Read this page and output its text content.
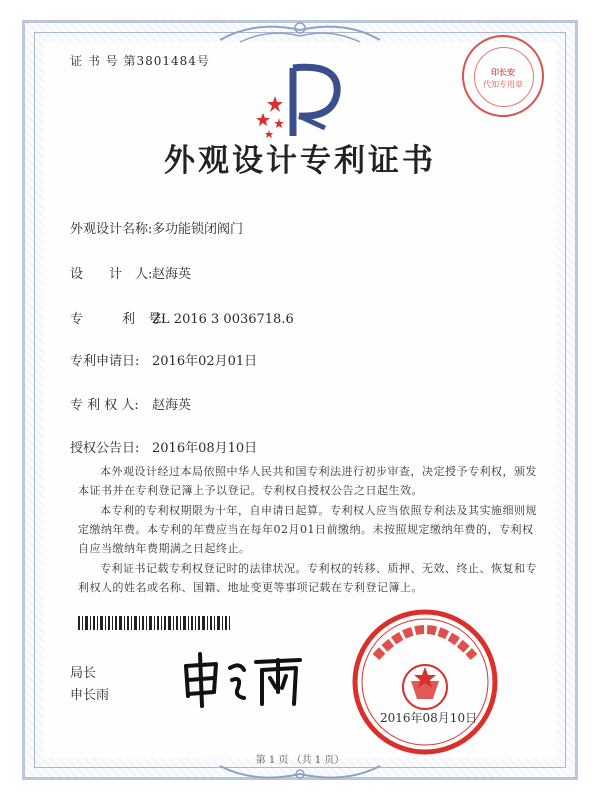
证 书 号 第3801484号
印长安
代知专用章
外观设计专利证书
外观设计名称:多功能锁闭阀门
设　　计　人:赵海英
专　　　利　号:ZL 2016 3 0036718.6
专利申请日: 2016年02月01日
专 利 权 人: 赵海英
授权公告日: 2016年08月10日
本外观设计经过本局依照中华人民共和国专利法进行初步审查，决定授予专利权，颁发本证书并在专利登记簿上予以登记。专利权自授权公告之日起生效。
本专利的专利权期限为十年，自申请日起算。专利权人应当依照专利法及其实施细则规定缴纳年费。本专利的年费应当在每年02月01日前缴纳。未按照规定缴纳年费的，专利权自应当缴纳年费期满之日起终止。
专利证书记载专利权登记时的法律状况。专利权的转移、质押、无效、终止、恢复和专利权人的姓名或名称、国籍、地址变更等事项记载在专利登记簿上。
局长
申长雨
2016年08月10日
第 1 页 （共 1 页）
